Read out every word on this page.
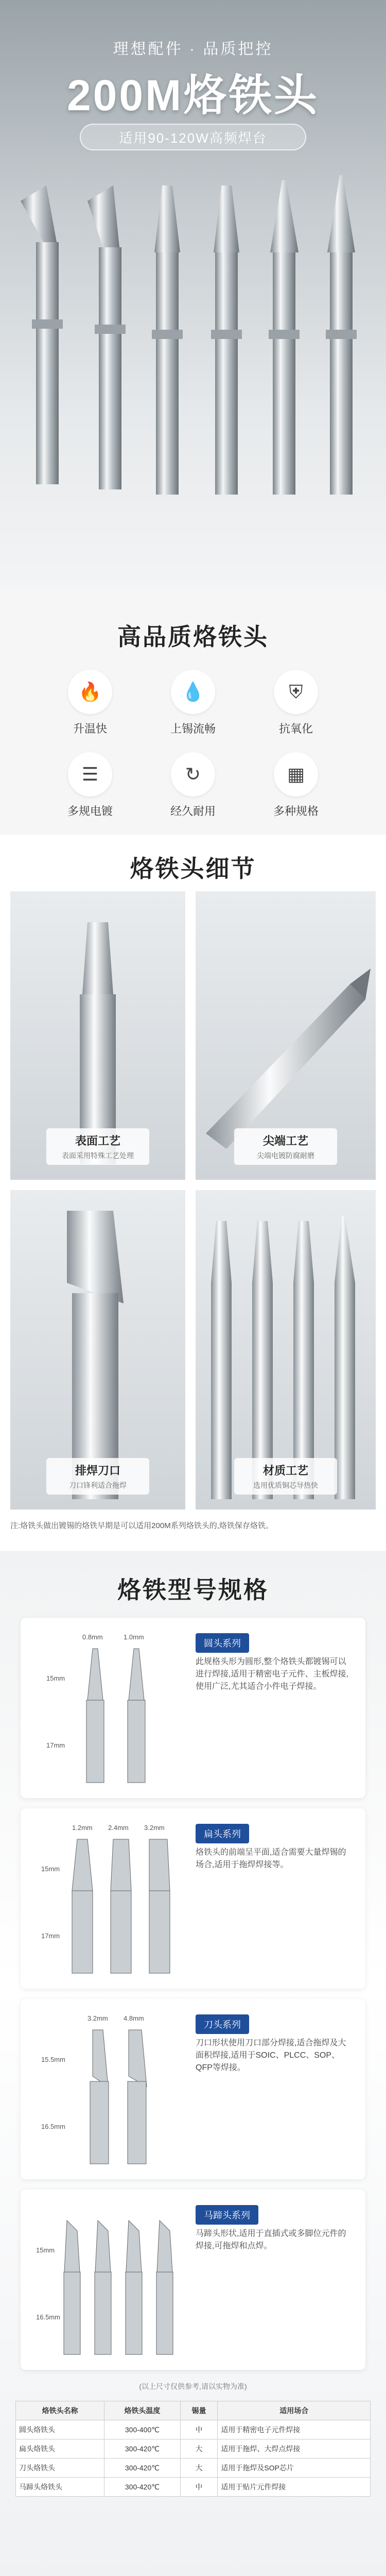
理想配件 · 品质把控
200M烙铁头
适用90-120W高频焊台
高品质烙铁头
🔥
升温快
💧
上锡流畅
⛨
抗氧化
☰
多规电镀
↻
经久耐用
▦
多种规格
烙铁头细节
表面工艺
表面采用特殊工艺处理
尖端工艺
尖端电镀防腐耐磨
排焊刀口
刀口锋利适合拖焊
材质工艺
选用优质铜芯导热快
注:烙铁头做出镀锡的烙铁早期是可以适用200M系列烙铁头的,烙铁保存烙铁。
烙铁型号规格
0.8mm	1.0mm
15mm
17mm
圆头系列
此规格头形为圆形,整个烙铁头都镀锡可以进行焊接,适用于精密电子元件、主板焊接,使用广泛,尤其适合小件电子焊接。
1.2mm 2.4mm 3.2mm
15mm
17mm
扁头系列
烙铁头的前端呈平面,适合需要大量焊锡的场合,适用于拖焊焊接等。
3.2mm 4.8mm
15.5mm
16.5mm
刀头系列
刀口形状使用刀口部分焊接,适合拖焊及大面积焊接,适用于SOIC、PLCC、SOP、QFP等焊接。
15mm
16.5mm
马蹄头系列
马蹄头形状,适用于直插式或多脚位元件的焊接,可拖焊和点焊。
(以上尺寸仅供参考,请以实物为准)
烙铁头名称	烙铁头温度	锡量	适用场合
圆头烙铁头	300-400℃	中	适用于精密电子元件焊接
扁头烙铁头	300-420℃	大	适用于拖焊、大焊点焊接
刀头烙铁头	300-420℃	大	适用于拖焊及SOP芯片
马蹄头烙铁头	300-420℃	中	适用于贴片元件焊接
